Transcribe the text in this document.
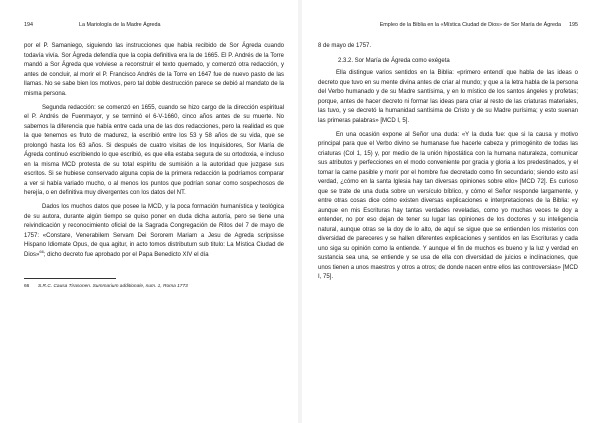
194	La Mariología de la Madre Ágreda

por el P. Samaniego, siguiendo las instrucciones que había recibido de Sor Ágreda cuando todavía vivía. Sor Ágreda defendía que la copia definitiva era la de 1665. El P. Andrés de la Torre mandó a Sor Ágreda que volviese a reconstruir el texto quemado, y comenzó otra redacción, y antes de concluir, al morir el P. Francisco Andrés de la Torre en 1647 fue de nuevo pasto de las llamas. No se sabe bien los motivos, pero tal doble destrucción parece se debió al mandato de la misma persona.

Segunda redacción: se comenzó en 1655, cuando se hizo cargo de la dirección espiritual el P. Andrés de Fuenmayor, y se terminó el 6-V-1660, cinco años antes de su muerte. No sabemos la diferencia que había entre cada una de las dos redacciones, pero la realidad es que la que tenemos es fruto de madurez, la escribió entre los 53 y 58 años de su vida, que se prolongó hasta los 63 años. Si después de cuatro visitas de los Inquisidores, Sor María de Ágreda continuó escribiendo lo que escribió, es que ella estaba segura de su ortodoxia, e incluso en la misma MCD protesta de su total espíritu de sumisión a la autoridad que juzgase sus escritos. Si se hubiese conservado alguna copia de la primera redacción la podríamos comparar a ver si había variado mucho, o al menos los puntos que podrían sonar como sospechosos de herejía, o en definitiva muy divergentes con los datos del NT.

Dados los muchos datos que posee la MCD, y la poca formación humanística y teológica de su autora, durante algún tiempo se quiso poner en duda dicha autoría, pero se tiene una reivindicación y reconocimiento oficial de la Sagrada Congregación de Ritos del 7 de mayo de 1757: «Constare, Venerabilem Servam Dei Sororem Mariam a Jesu de Agreda scripsisse Hispano Idiomate Opus, de qua agitur, in acto tomos distributum sub titulo: La Mística Ciudad de Dios»$^{66}$; dicho decreto fue aprobado por el Papa Benedicto XIV el día

66 S.R.C. Causa Tirasonen. Summarium additionale, num. 1, Roma 1773
Empleo de la Biblia en la «Mística Ciudad de Dios» de Sor María de Ágreda 195

8 de mayo de 1757.

2.3.2. Sor María de Ágreda como exégeta

Ella distingue varios sentidos en la Biblia: «primero entendí que habla de las ideas o decreto que tuvo en su mente divina antes de criar al mundo; y que a la letra habla de la persona del Verbo humanado y de su Madre santísima, y en lo místico de los santos ángeles y profetas; porque, antes de hacer decreto ni formar las ideas para criar al resto de las criaturas materiales, las tuvo, y se decretó la humanidad santísima de Cristo y de su Madre purísima; y esto suenan las primeras palabras» [MCD I, 5].

En una ocasión expone al Señor una duda: «Y la duda fue: que si la causa y motivo principal para que el Verbo divino se humanase fue hacerle cabeza y primogénito de todas las criaturas (Col 1, 15) y, por medio de la unión hipostática con la humana naturaleza, comunicar sus atributos y perfecciones en el modo conveniente por gracia y gloria a los predestinados, y el tomar la carne pasible y morir por el hombre fue decretado como fin secundario; siendo esto así verdad, ¿cómo en la santa Iglesia hay tan diversas opiniones sobre ello» [MCD 72]. Es curioso que se trate de una duda sobre un versículo bíblico, y cómo el Señor responde largamente, y entre otras cosas dice cómo existen diversas explicaciones e interpretaciones de la Biblia: «y aunque en mis Escrituras hay tantas verdades reveladas, como yo muchas veces te doy a entender, no por eso dejan de tener su lugar las opiniones de los doctores y su inteligencia natural, aunque otras se la doy de lo alto, de aquí se sigue que se entienden los misterios con diversidad de pareceres y se hallen diferentes explicaciones y sentidos en las Escrituras y cada uno siga su opinión como la entiende. Y aunque el fin de muchos es bueno y la luz y verdad en sustancia sea una, se entiende y se usa de ella con diversidad de juicios e inclinaciones, que unos tienen a unos maestros y otros a otros; de donde nacen entre ellos las controversias» [MCD I, 75].
